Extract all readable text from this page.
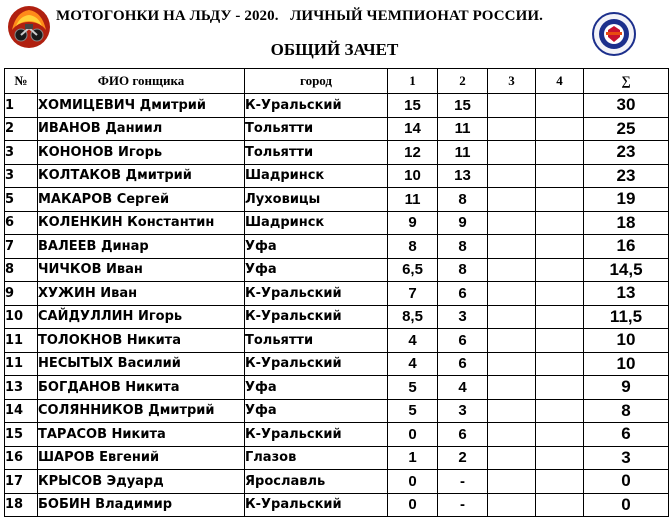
МОТОГОНКИ НА ЛЬДУ - 2020.   ЛИЧНЫЙ ЧЕМПИОНАТ РОССИИ.
ОБЩИЙ ЗАЧЕТ
№	ФИО гонщика	город	1	2	3	4	∑
1	ХОМИЦЕВИЧ Дмитрий	К-Уральский	15	15			30
2	ИВАНОВ Даниил	Тольятти	14	11			25
3	КОНОНОВ Игорь	Тольятти	12	11			23
3	КОЛТАКОВ Дмитрий	Шадринск	10	13			23
5	МАКАРОВ Сергей	Луховицы	11	8			19
6	КОЛЕНКИН Константин	Шадринск	9	9			18
7	ВАЛЕЕВ Динар	Уфа	8	8			16
8	ЧИЧКОВ Иван	Уфа	6,5	8			14,5
9	ХУЖИН Иван	К-Уральский	7	6			13
10	САЙДУЛЛИН Игорь	К-Уральский	8,5	3			11,5
11	ТОЛОКНОВ Никита	Тольятти	4	6			10
11	НЕСЫТЫХ Василий	К-Уральский	4	6			10
13	БОГДАНОВ Никита	Уфа	5	4			9
14	СОЛЯННИКОВ Дмитрий	Уфа	5	3			8
15	ТАРАСОВ Никита	К-Уральский	0	6			6
16	ШАРОВ Евгений	Глазов	1	2			3
17	КРЫСОВ Эдуард	Ярославль	0	-			0
18	БОБИН Владимир	К-Уральский	0	-			0
